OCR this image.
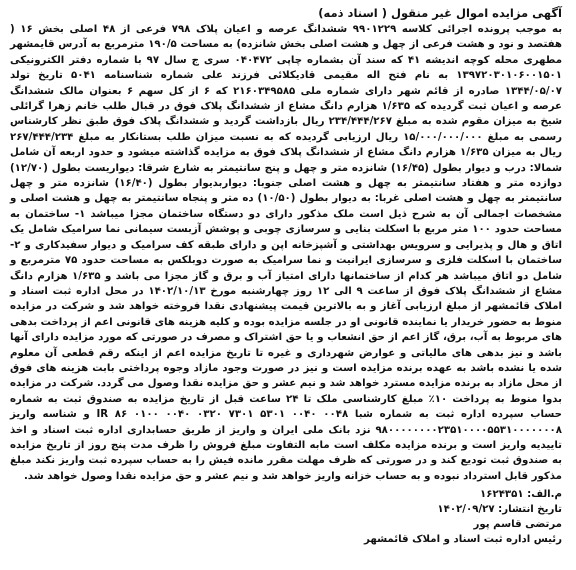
آگهی مزایده اموال غیر منقول ( اسناد ذمه)

به موجب پرونده اجرائی کلاسه ۹۹۰۱۲۲۹ ششدانگ عرصه و اعیان پلاک ۷۹۸ فرعی از ۴۸ اصلی بخش ۱۶ ( هفتصد و نود و هشت فرعی از چهل و هشت اصلی بخش شانزده) به مساحت ۱۹۰/۵ مترمربع به آدرس قایمشهر مطهری محله کوچه اندیشه ۴۱ که سند آن بشماره چاپی ۰۴۰۴۷۲ سری ج سال ۹۷ با شماره دفتر الکترونیکی ۱۳۹۷۲۰۳۰۱۰۶۰۰۱۵۰۱ به نام فتح اله مقیمی قادیکلائی فرزند علی شماره شناسنامه ۵۰۴۱ تاریخ تولد ۱۳۴۴/۰۵/۰۷ صادره از قائم شهر دارای شماره ملی ۲۱۶۰۳۴۹۵۸۵ که ۶ از کل سهم ۶ بعنوان مالک ششدانگ عرصه و اعیان ثبت گردیده که ۱/۶۳۵ هزارم دانگ مشاع از ششدانگ پلاک فوق در قبال طلب خانم زهرا گرائلی شیخ به میزان مقوم شده به مبلغ ۲۳۴/۴۴۴/۲۶۷ ریال بازداشت گردید و ششدانگ پلاک فوق طبق نظر کارشناس رسمی به مبلغ ۱۵/۰۰۰/۰۰۰/۰۰۰ ریال ارزیابی گردیده که به نسبت میزان طلب بستانکار به مبلغ ۲۶۷/۴۴۴/۲۳۴ ریال به میزان ۱/۶۳۵ هزارم دانگ مشاع از ششدانگ پلاک فوق به مزایده گذاشته میشود و حدود اربعه آن شامل شمالا: درب و دیوار بطول (۱۶/۴۵) شانزده متر و چهل و پنج سانتیمتر به شارع شرقا: دیواریست بطول (۱۲/۷۰) دوازده متر و هفتاد سانتیمتر به چهل و هشت اصلی جنوبا: دیواربدیوار بطول (۱۶/۴۰) شانزده متر و چهل سانتیمتر به چهل و هشت اصلی غربا: به دیوار بطول (۱۰/۵۰) ده متر و پنجاه سانتیمتر به چهل و هشت اصلی و مشخصات اجمالی آن به شرح ذیل است ملک مذکور دارای دو دستگاه ساختمان مجزا میباشد ۱- ساختمان به مساحت حدود ۱۰۰ متر مربع با اسکلت بنایی و سرسازی چوبی و پوشش آزبست سیمانی نما سرامیک شامل یک اتاق و هال و پذیرایی و سرویس بهداشتی و آشپزخانه اپن و دارای طبقه کف سرامیک و دیوار سفیدکاری و ۲- ساختمان با اسکلت فلزی و سرسازی ایرانیت و نما سرامیک به صورت دوبلکس به مساحت حدود ۷۵ مترمربع و شامل دو اتاق میباشد هر کدام از ساختمانها دارای امتیاز آب و برق و گاز مجزا می باشد و ۱/۶۳۵ هزارم دانگ مشاع از ششدانگ پلاک فوق از ساعت ۹ الی ۱۲ روز چهارشنبه مورخ ۱۴۰۲/۱۰/۱۳ در محل اداره ثبت اسناد و املاک قائمشهر از مبلغ ارزیابی آغاز و به بالاترین قیمت پیشنهادی نقدا فروخته خواهد شد و شرکت در مزایده منوط به حضور خریدار یا نماینده قانونی او در جلسه مزایده بوده و کلیه هزینه های قانونی اعم از پرداخت بدهی های مربوط به آب، برق، گاز اعم از حق انشعاب و یا حق اشتراک و مصرف در صورتی که مورد مزایده دارای آنها باشد و نیز بدهی های مالیاتی و عوارض شهرداری و غیره تا تاریخ مزایده اعم از اینکه رقم قطعی آن معلوم شده یا نشده باشد به عهده برنده مزایده است و نیز در صورت وجود مازاد وجوه پرداختی بابت هزینه های فوق از محل مازاد به برنده مزایده مسترد خواهد شد و نیم عشر و حق مزایده نقدا وصول می گردد. شرکت در مزایده بدوا منوط به پرداخت ۱۰٪ مبلغ کارشناسی ملک تا ۲۴ ساعت قبل از تاریخ مزایده به صندوق ثبت به شماره حساب سپرده اداره ثبت به شماره شبا IR ۸۶ ۰۱۰۰ ۰۰۴۰ ۰۳۲۰ ۷۳۰۱ ۵۳۰۱ ۰۰۴۰ ۰۰۴۸ و شناسه واریز ۹۸۰۰۰۰۰۰۰۰۲۳۵۱۰۰۰۰۵۵۳۱۰۰۰۰۰۰۰۸ نزد بانک ملی ایران و واریز از طریق حسابداری اداره ثبت اسناد و اخذ تاییدیه واریز است و برنده مزایده مکلف است مابه التفاوت مبلغ فروش را ظرف مدت پنج روز از تاریخ مزایده به صندوق ثبت تودیع کند و در صورتی که ظرف مهلت مقرر مانده فیش را به حساب سپرده ثبت واریز نکند مبلغ مذکور قابل استرداد نبوده و به حساب خزانه واریز خواهد شد و نیم عشر و حق مزایده نقدا وصول خواهد شد.

م.الف: ۱۶۲۴۳۵۱
تاریخ انتشار: ۱۴۰۲/۰۹/۲۷
مرتضی قاسم پور
رئیس اداره ثبت اسناد و املاک قائمشهر
